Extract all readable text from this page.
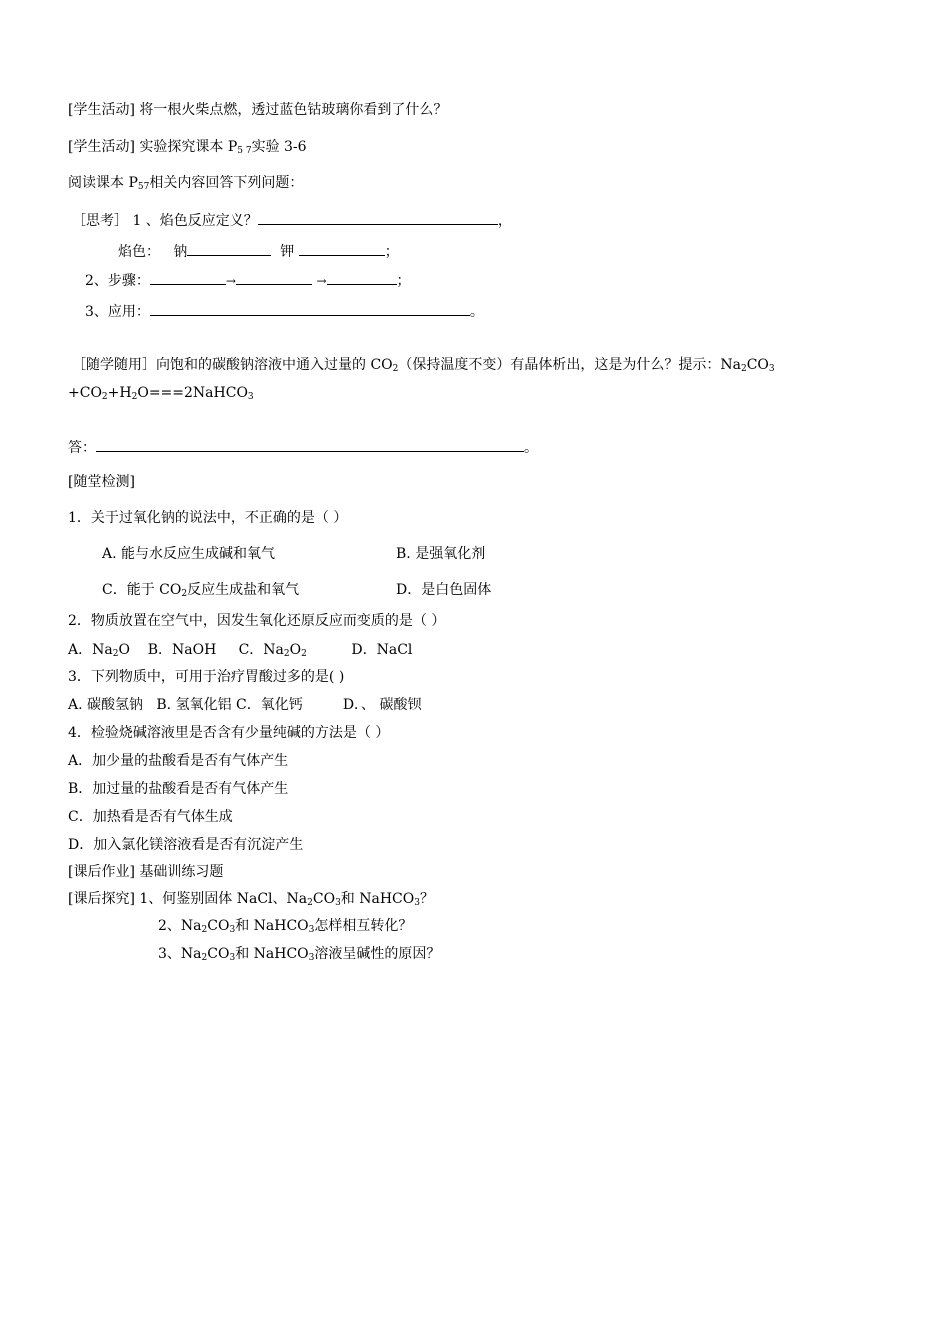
[学生活动] 将一根火柴点燃，透过蓝色钴玻璃你看到了什么？
[学生活动] 实验探究课本 $P_{5 7}$实验 3-6
阅读课本 $P_{57}$相关内容回答下列问题：
［思考］ 1 、焰色反应定义？	，
焰色： 钠	钾	；
2、步骤：	→	→	；
3、应用：	。
［随学随用］向饱和的碳酸钠溶液中通入过量的 $CO_2$（保持温度不变）有晶体析出，这是为什么？提示：$Na_2CO_3$
$+CO_2+H_2O===2NaHCO_3$
答：	。
[随堂检测]
1．关于过氧化钠的说法中，不正确的是（ ）
A. 能与水反应生成碱和氧气	B. 是强氧化剂
C．能于 $CO_2$反应生成盐和氧气	D．是白色固体
2．物质放置在空气中，因发生氧化还原反应而变质的是（ ）
A．$Na_2O$ B．NaOH C．$Na_2O_2$	D．NaCl
3．下列物质中，可用于治疗胃酸过多的是( )
A. 碳酸氢钠 B. 氢氧化铝 C．氧化钙	D．、 碳酸钡
4．检验烧碱溶液里是否含有少量纯碱的方法是（ ）
A．加少量的盐酸看是否有气体产生
B．加过量的盐酸看是否有气体产生
C．加热看是否有气体生成
D．加入氯化镁溶液看是否有沉淀产生
[课后作业] 基础训练习题
[课后探究] 1、何鉴别固体 NaCl、$Na_2CO_3$和 NaHCO$_3$？
2、$Na_2CO_3$和 NaHCO$_3$怎样相互转化？
3、$Na_2CO_3$和 NaHCO$_3$溶液呈碱性的原因？
